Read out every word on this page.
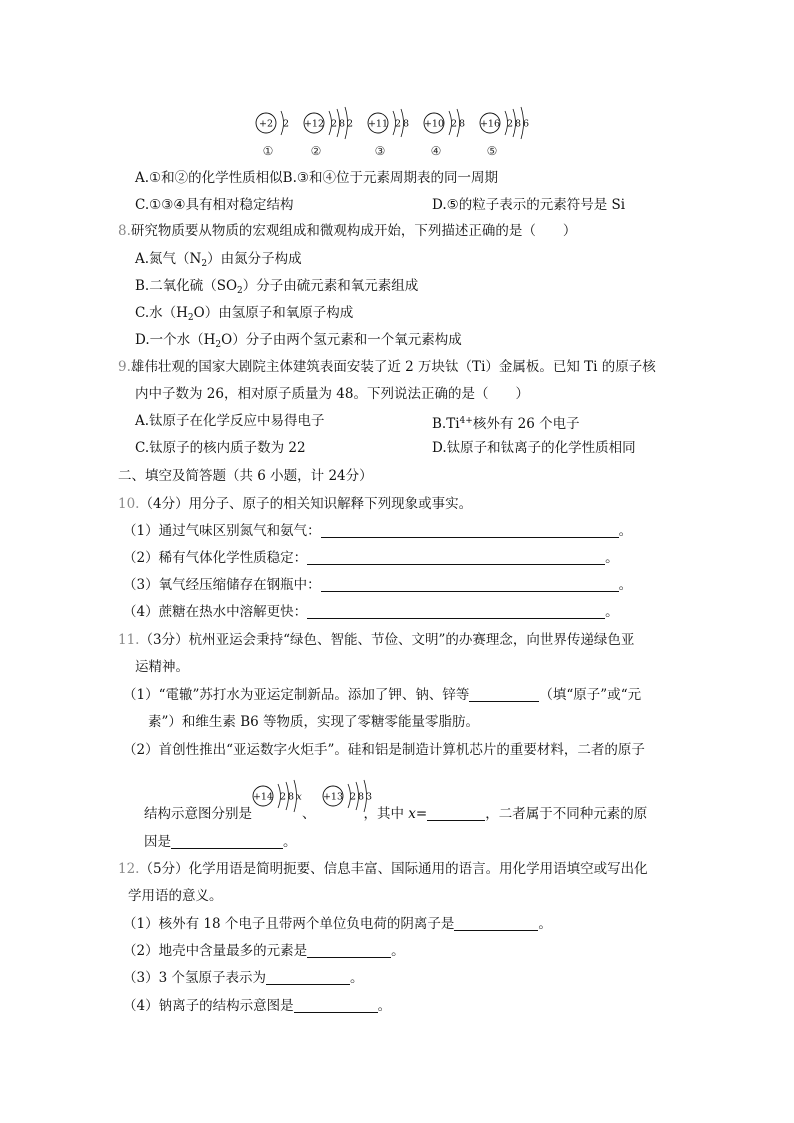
+2 2
①
+12 2 8 2
②
+11 2 8
③
+10 2 8
④
+16 2 8 6
⑤
A.①和②的化学性质相似B.③和④位于元素周期表的同一周期
C.①③④具有相对稳定结构	D.⑤的粒子表示的元素符号是 Si
8.研究物质要从物质的宏观组成和微观构成开始，下列描述正确的是（　　）
A.氮气$(N_2)$由氮分子构成
B.二氧化硫$(SO_2)$分子由硫元素和氧元素组成
C.水$(H_2O)$由氢原子和氧原子构成
D.一个水$(H_2O)$分子由两个氢元素和一个氧元素构成
9.雄伟壮观的国家大剧院主体建筑表面安装了近 2 万块钛（Ti）金属板。已知 Ti 的原子核
内中子数为 26，相对原子质量为 48。下列说法正确的是（　　）
A.钛原子在化学反应中易得电子	$B.Ti^{4+}$核外有 26 个电子
C.钛原子的核内质子数为 22	D.钛原子和钛离子的化学性质相同
二、填空及简答题（共 6 小题，计 24分）
10.（4分）用分子、原子的相关知识解释下列现象或事实。
（1）通过气味区别氮气和氨气：	。
（2）稀有气体化学性质稳定：	。
（3）氧气经压缩储存在钢瓶中：	。
（4）蔗糖在热水中溶解更快：	。
11.（3分）杭州亚运会秉持“绿色、智能、节俭、文明”的办赛理念，向世界传递绿色亚
运精神。
（1）“電辙”苏打水为亚运定制新品。添加了钾、钠、锌等	（填“原子”或“元
素”）和维生素 B6 等物质，实现了零糖零能量零脂肪。
（2）首创性推出“亚运数字火炬手”。硅和铝是制造计算机芯片的重要材料，二者的原子
+14 2 8 x +13 2 8 3
结构示意图分别是	、	，其中 x=	，二者属于不同种元素的原
因是	。
12.（5分）化学用语是简明扼要、信息丰富、国际通用的语言。用化学用语填空或写出化
学用语的意义。
（1）核外有 18 个电子且带两个单位负电荷的阴离子是	。
（2）地壳中含量最多的元素是	。
（3）3 个氢原子表示为	。
（4）钠离子的结构示意图是	。
